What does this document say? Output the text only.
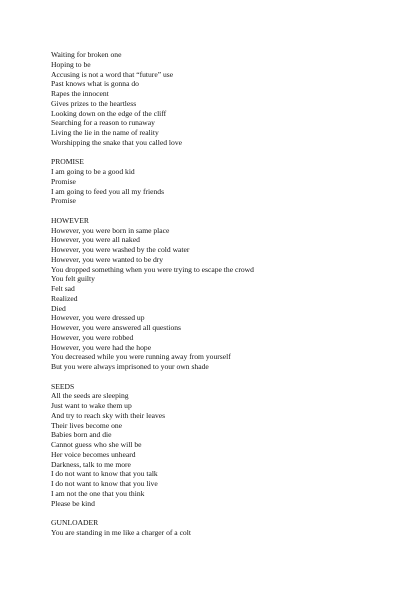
Waiting for broken one
Hoping to be
Accusing is not a word that “future” use
Past knows what is gonna do
Rapes the innocent
Gives prizes to the heartless
Looking down on the edge of the cliff
Searching for a reason to runaway
Living the lie in the name of reality
Worshipping the snake that you called love
PROMISE
I am going to be a good kid
Promise
I am going to feed you all my friends
Promise
HOWEVER
However, you were born in same place
However, you were all naked
However, you were washed by the cold water
However, you were wanted to be dry
You dropped something when you were trying to escape the crowd
You felt guilty
Felt sad
Realized
Died
However, you were dressed up
However, you were answered all questions
However, you were robbed
However, you were had the hope
You decreased while you were running away from yourself
But you were always imprisoned to your own shade
SEEDS
All the seeds are sleeping
Just want to wake them up
And try to reach sky with their leaves
Their lives become one
Babies born and die
Cannot guess who she will be
Her voice becomes unheard
Darkness, talk to me more
I do not want to know that you talk
I do not want to know that you live
I am not the one that you think
Please be kind
GUNLOADER
You are standing in me like a charger of a colt
